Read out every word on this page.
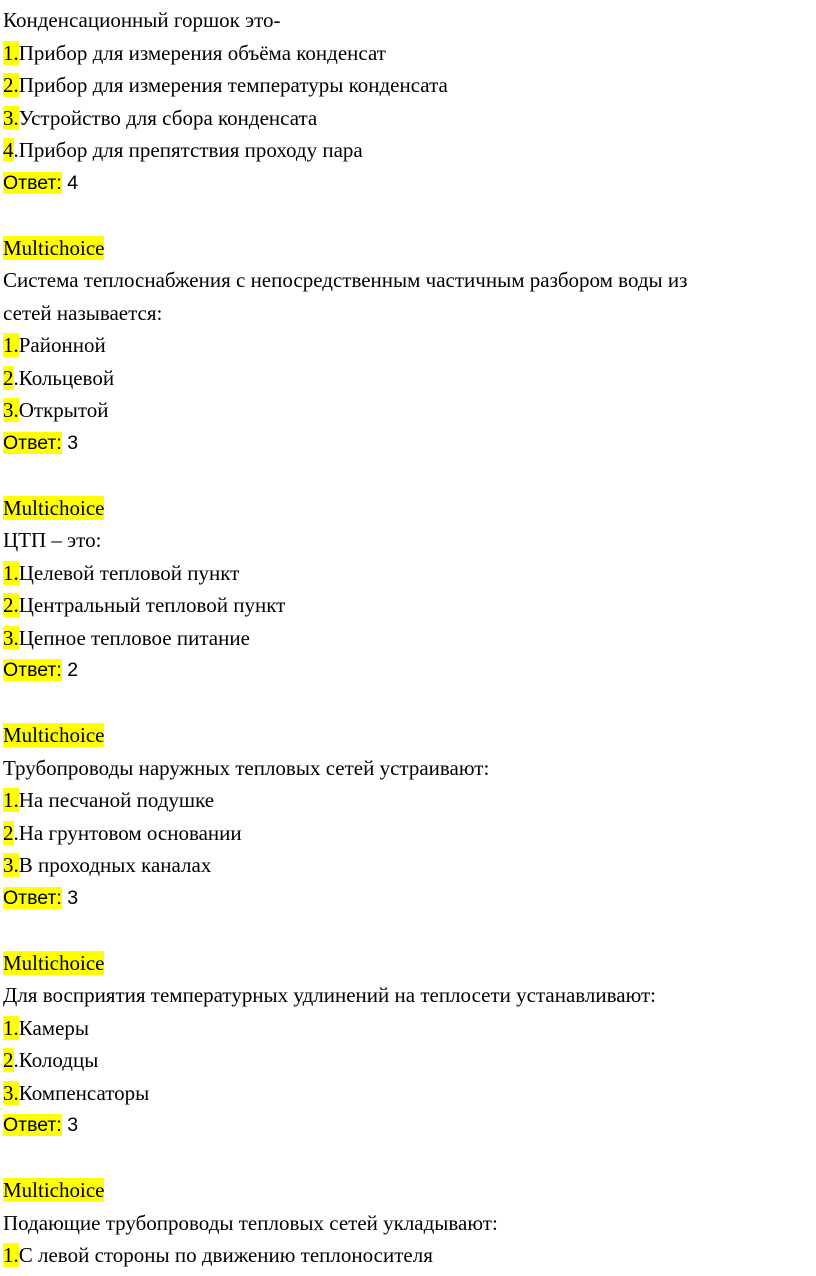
Конденсационный горшок это-
1.Прибор для измерения объёма конденсат
2.Прибор для измерения температуры конденсата
3.Устройство для сбора конденсата
4.Прибор для препятствия проходу пара
Ответ: 4
Multichoice
Система теплоснабжения с непосредственным частичным разбором воды из
сетей называется:
1.Районной
2.Кольцевой
3.Открытой
Ответ: 3
Multichoice
ЦТП – это:
1.Целевой тепловой пункт
2.Центральный тепловой пункт
3.Цепное тепловое питание
Ответ: 2
Multichoice
Трубопроводы наружных тепловых сетей устраивают:
1.На песчаной подушке
2.На грунтовом основании
3.В проходных каналах
Ответ: 3
Multichoice
Для восприятия температурных удлинений на теплосети устанавливают:
1.Камеры
2.Колодцы
3.Компенсаторы
Ответ: 3
Multichoice
Подающие трубопроводы тепловых сетей укладывают:
1.С левой стороны по движению теплоносителя
